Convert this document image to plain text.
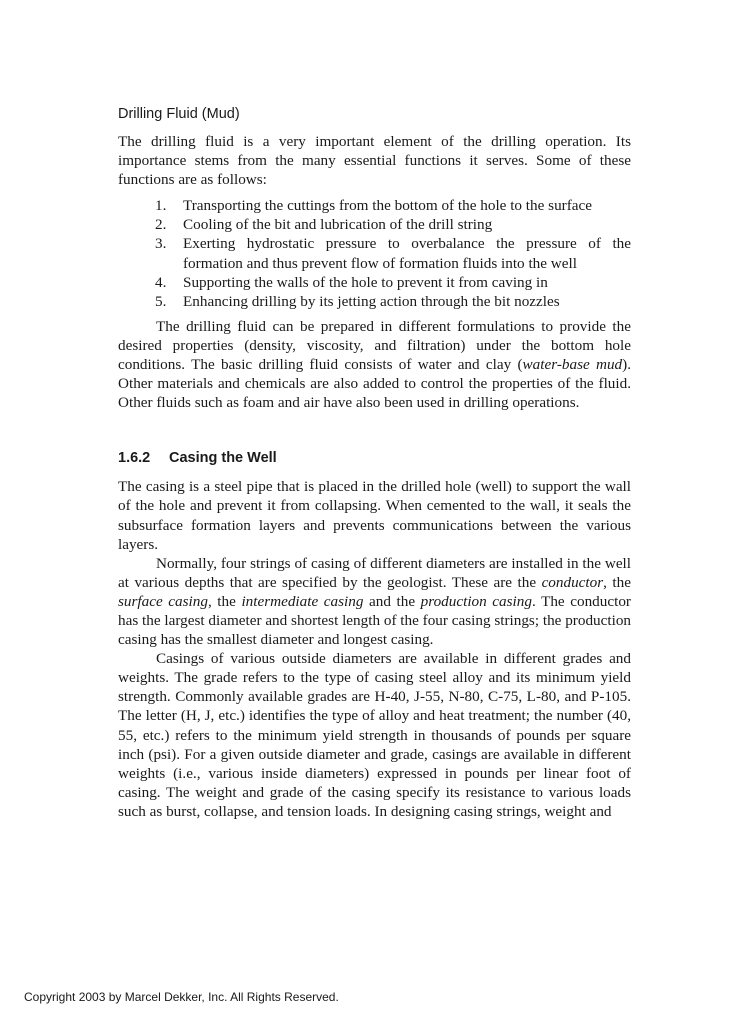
Drilling Fluid (Mud)

The drilling fluid is a very important element of the drilling operation. Its importance stems from the many essential functions it serves. Some of these functions are as follows:

1. Transporting the cuttings from the bottom of the hole to the surface
2. Cooling of the bit and lubrication of the drill string
3. Exerting hydrostatic pressure to overbalance the pressure of the formation and thus prevent flow of formation fluids into the well
4. Supporting the walls of the hole to prevent it from caving in
5. Enhancing drilling by its jetting action through the bit nozzles

The drilling fluid can be prepared in different formulations to provide the desired properties (density, viscosity, and filtration) under the bottom hole conditions. The basic drilling fluid consists of water and clay (water-base mud). Other materials and chemicals are also added to control the properties of the fluid. Other fluids such as foam and air have also been used in drilling operations.

1.6.2 Casing the Well

The casing is a steel pipe that is placed in the drilled hole (well) to support the wall of the hole and prevent it from collapsing. When cemented to the wall, it seals the subsurface formation layers and prevents communications between the various layers.

Normally, four strings of casing of different diameters are installed in the well at various depths that are specified by the geologist. These are the conductor, the surface casing, the intermediate casing and the production casing. The conductor has the largest diameter and shortest length of the four casing strings; the production casing has the smallest diameter and longest casing.

Casings of various outside diameters are available in different grades and weights. The grade refers to the type of casing steel alloy and its minimum yield strength. Commonly available grades are H-40, J-55, N-80, C-75, L-80, and P-105. The letter (H, J, etc.) identifies the type of alloy and heat treatment; the number (40, 55, etc.) refers to the minimum yield strength in thousands of pounds per square inch (psi). For a given outside diameter and grade, casings are available in different weights (i.e., various inside diameters) expressed in pounds per linear foot of casing. The weight and grade of the casing specify its resistance to various loads such as burst, collapse, and tension loads. In designing casing strings, weight and

Copyright 2003 by Marcel Dekker, Inc. All Rights Reserved.
